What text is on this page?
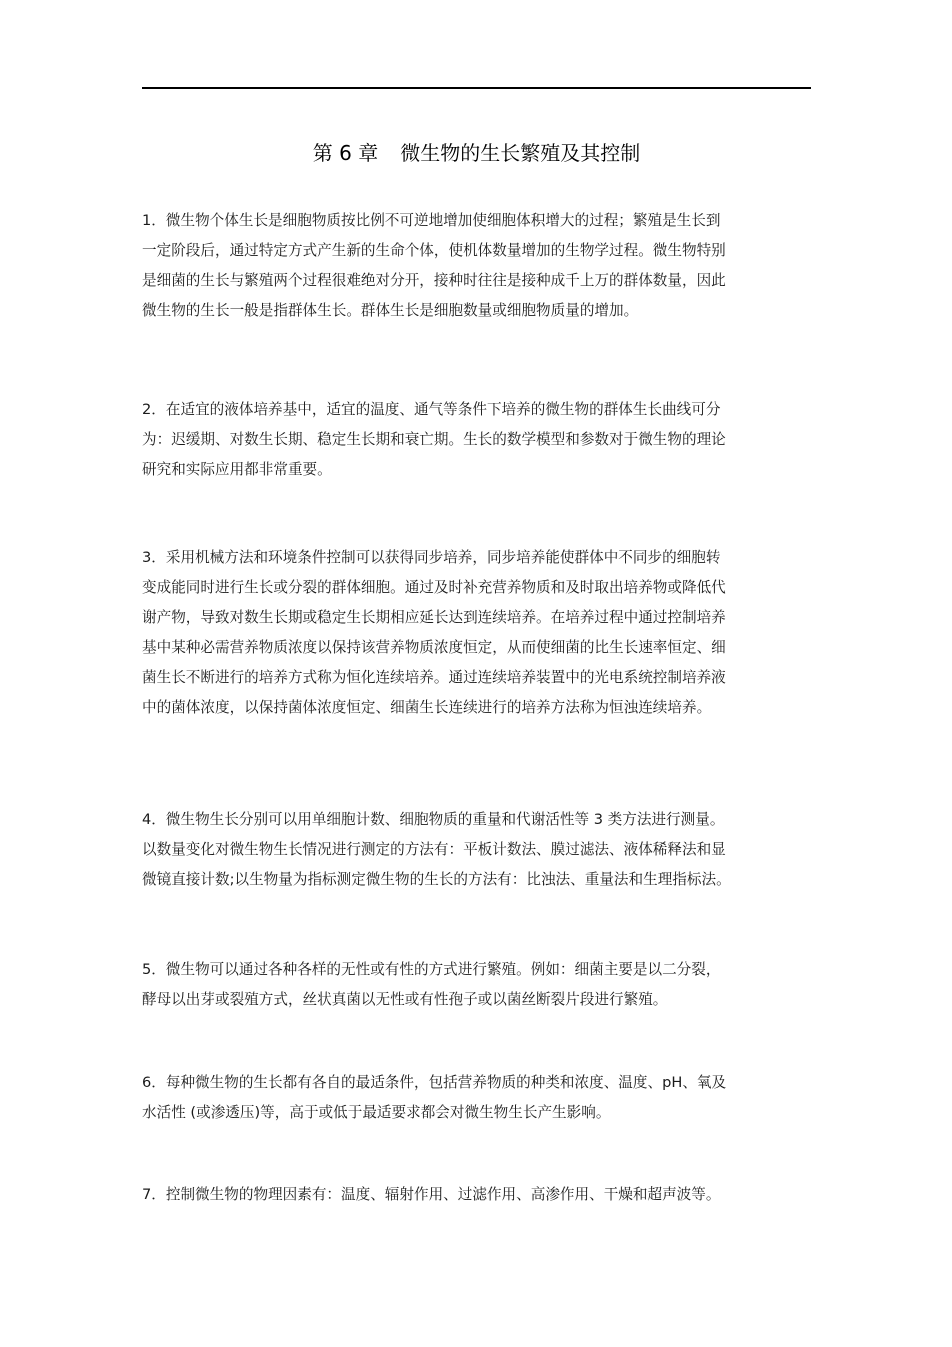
第 6 章 微生物的生长繁殖及其控制
1．微生物个体生长是细胞物质按比例不可逆地增加使细胞体积增大的过程；繁殖是生长到
一定阶段后，通过特定方式产生新的生命个体，使机体数量增加的生物学过程。微生物特别
是细菌的生长与繁殖两个过程很难绝对分开，接种时往往是接种成千上万的群体数量，因此
微生物的生长一般是指群体生长。群体生长是细胞数量或细胞物质量的增加。
2．在适宜的液体培养基中，适宜的温度、通气等条件下培养的微生物的群体生长曲线可分
为：迟缓期、对数生长期、稳定生长期和衰亡期。生长的数学模型和参数对于微生物的理论
研究和实际应用都非常重要。
3．采用机械方法和环境条件控制可以获得同步培养，同步培养能使群体中不同步的细胞转
变成能同时进行生长或分裂的群体细胞。通过及时补充营养物质和及时取出培养物或降低代
谢产物，导致对数生长期或稳定生长期相应延长达到连续培养。在培养过程中通过控制培养
基中某种必需营养物质浓度以保持该营养物质浓度恒定，从而使细菌的比生长速率恒定、细
菌生长不断进行的培养方式称为恒化连续培养。通过连续培养装置中的光电系统控制培养液
中的菌体浓度，以保持菌体浓度恒定、细菌生长连续进行的培养方法称为恒浊连续培养。
4．微生物生长分别可以用单细胞计数、细胞物质的重量和代谢活性等 3 类方法进行测量。
以数量变化对微生物生长情况进行测定的方法有：平板计数法、膜过滤法、液体稀释法和显
微镜直接计数;以生物量为指标测定微生物的生长的方法有：比浊法、重量法和生理指标法。
5．微生物可以通过各种各样的无性或有性的方式进行繁殖。例如：细菌主要是以二分裂，
酵母以出芽或裂殖方式，丝状真菌以无性或有性孢子或以菌丝断裂片段进行繁殖。
6．每种微生物的生长都有各自的最适条件，包括营养物质的种类和浓度、温度、pH、氧及
水活性 (或渗透压)等，高于或低于最适要求都会对微生物生长产生影响。
7．控制微生物的物理因素有：温度、辐射作用、过滤作用、高渗作用、干燥和超声波等。
